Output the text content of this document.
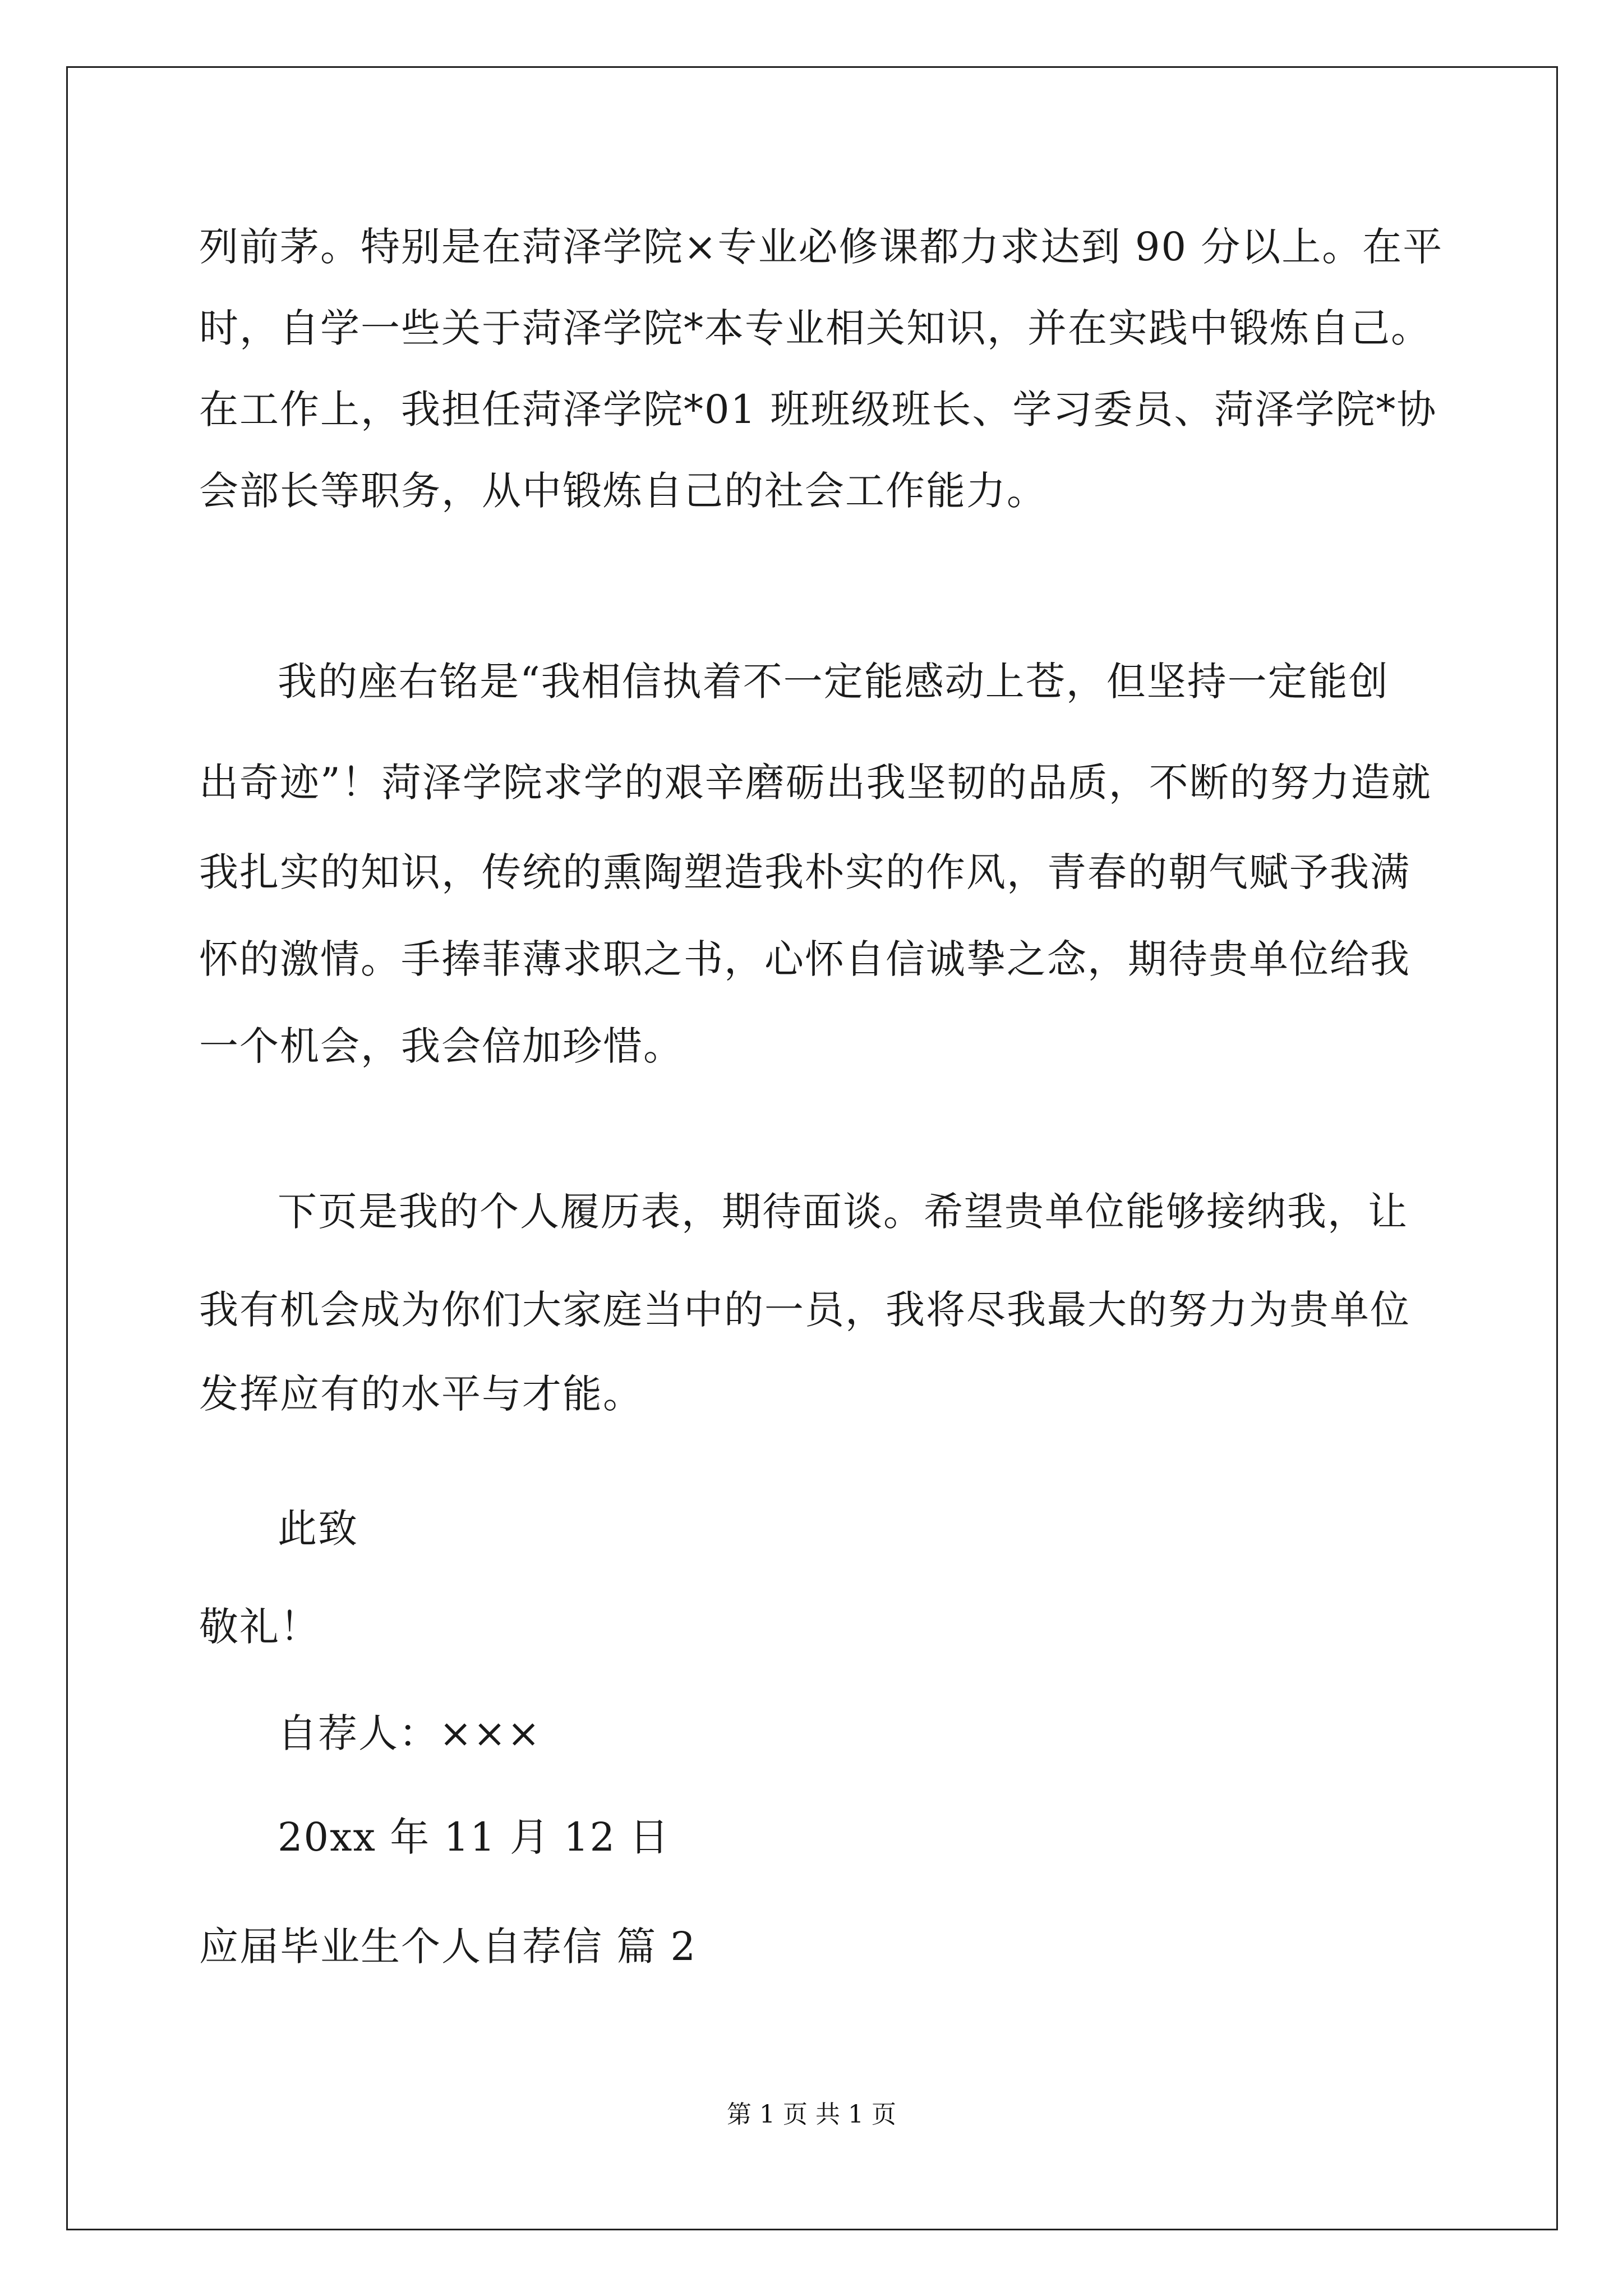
列前茅。特别是在菏泽学院×专业必修课都力求达到 90 分以上。在平
时，自学一些关于菏泽学院*本专业相关知识，并在实践中锻炼自己。
在工作上，我担任菏泽学院*01 班班级班长、学习委员、菏泽学院*协
会部长等职务，从中锻炼自己的社会工作能力。
我的座右铭是“我相信执着不一定能感动上苍，但坚持一定能创
出奇迹”！菏泽学院求学的艰辛磨砺出我坚韧的品质，不断的努力造就
我扎实的知识，传统的熏陶塑造我朴实的作风，青春的朝气赋予我满
怀的激情。手捧菲薄求职之书，心怀自信诚挚之念，期待贵单位给我
一个机会，我会倍加珍惜。
下页是我的个人履历表，期待面谈。希望贵单位能够接纳我，让
我有机会成为你们大家庭当中的一员，我将尽我最大的努力为贵单位
发挥应有的水平与才能。
此致
敬礼！
自荐人：×××
20xx 年 11 月 12 日
应届毕业生个人自荐信 篇 2
第 1 页 共 1 页
